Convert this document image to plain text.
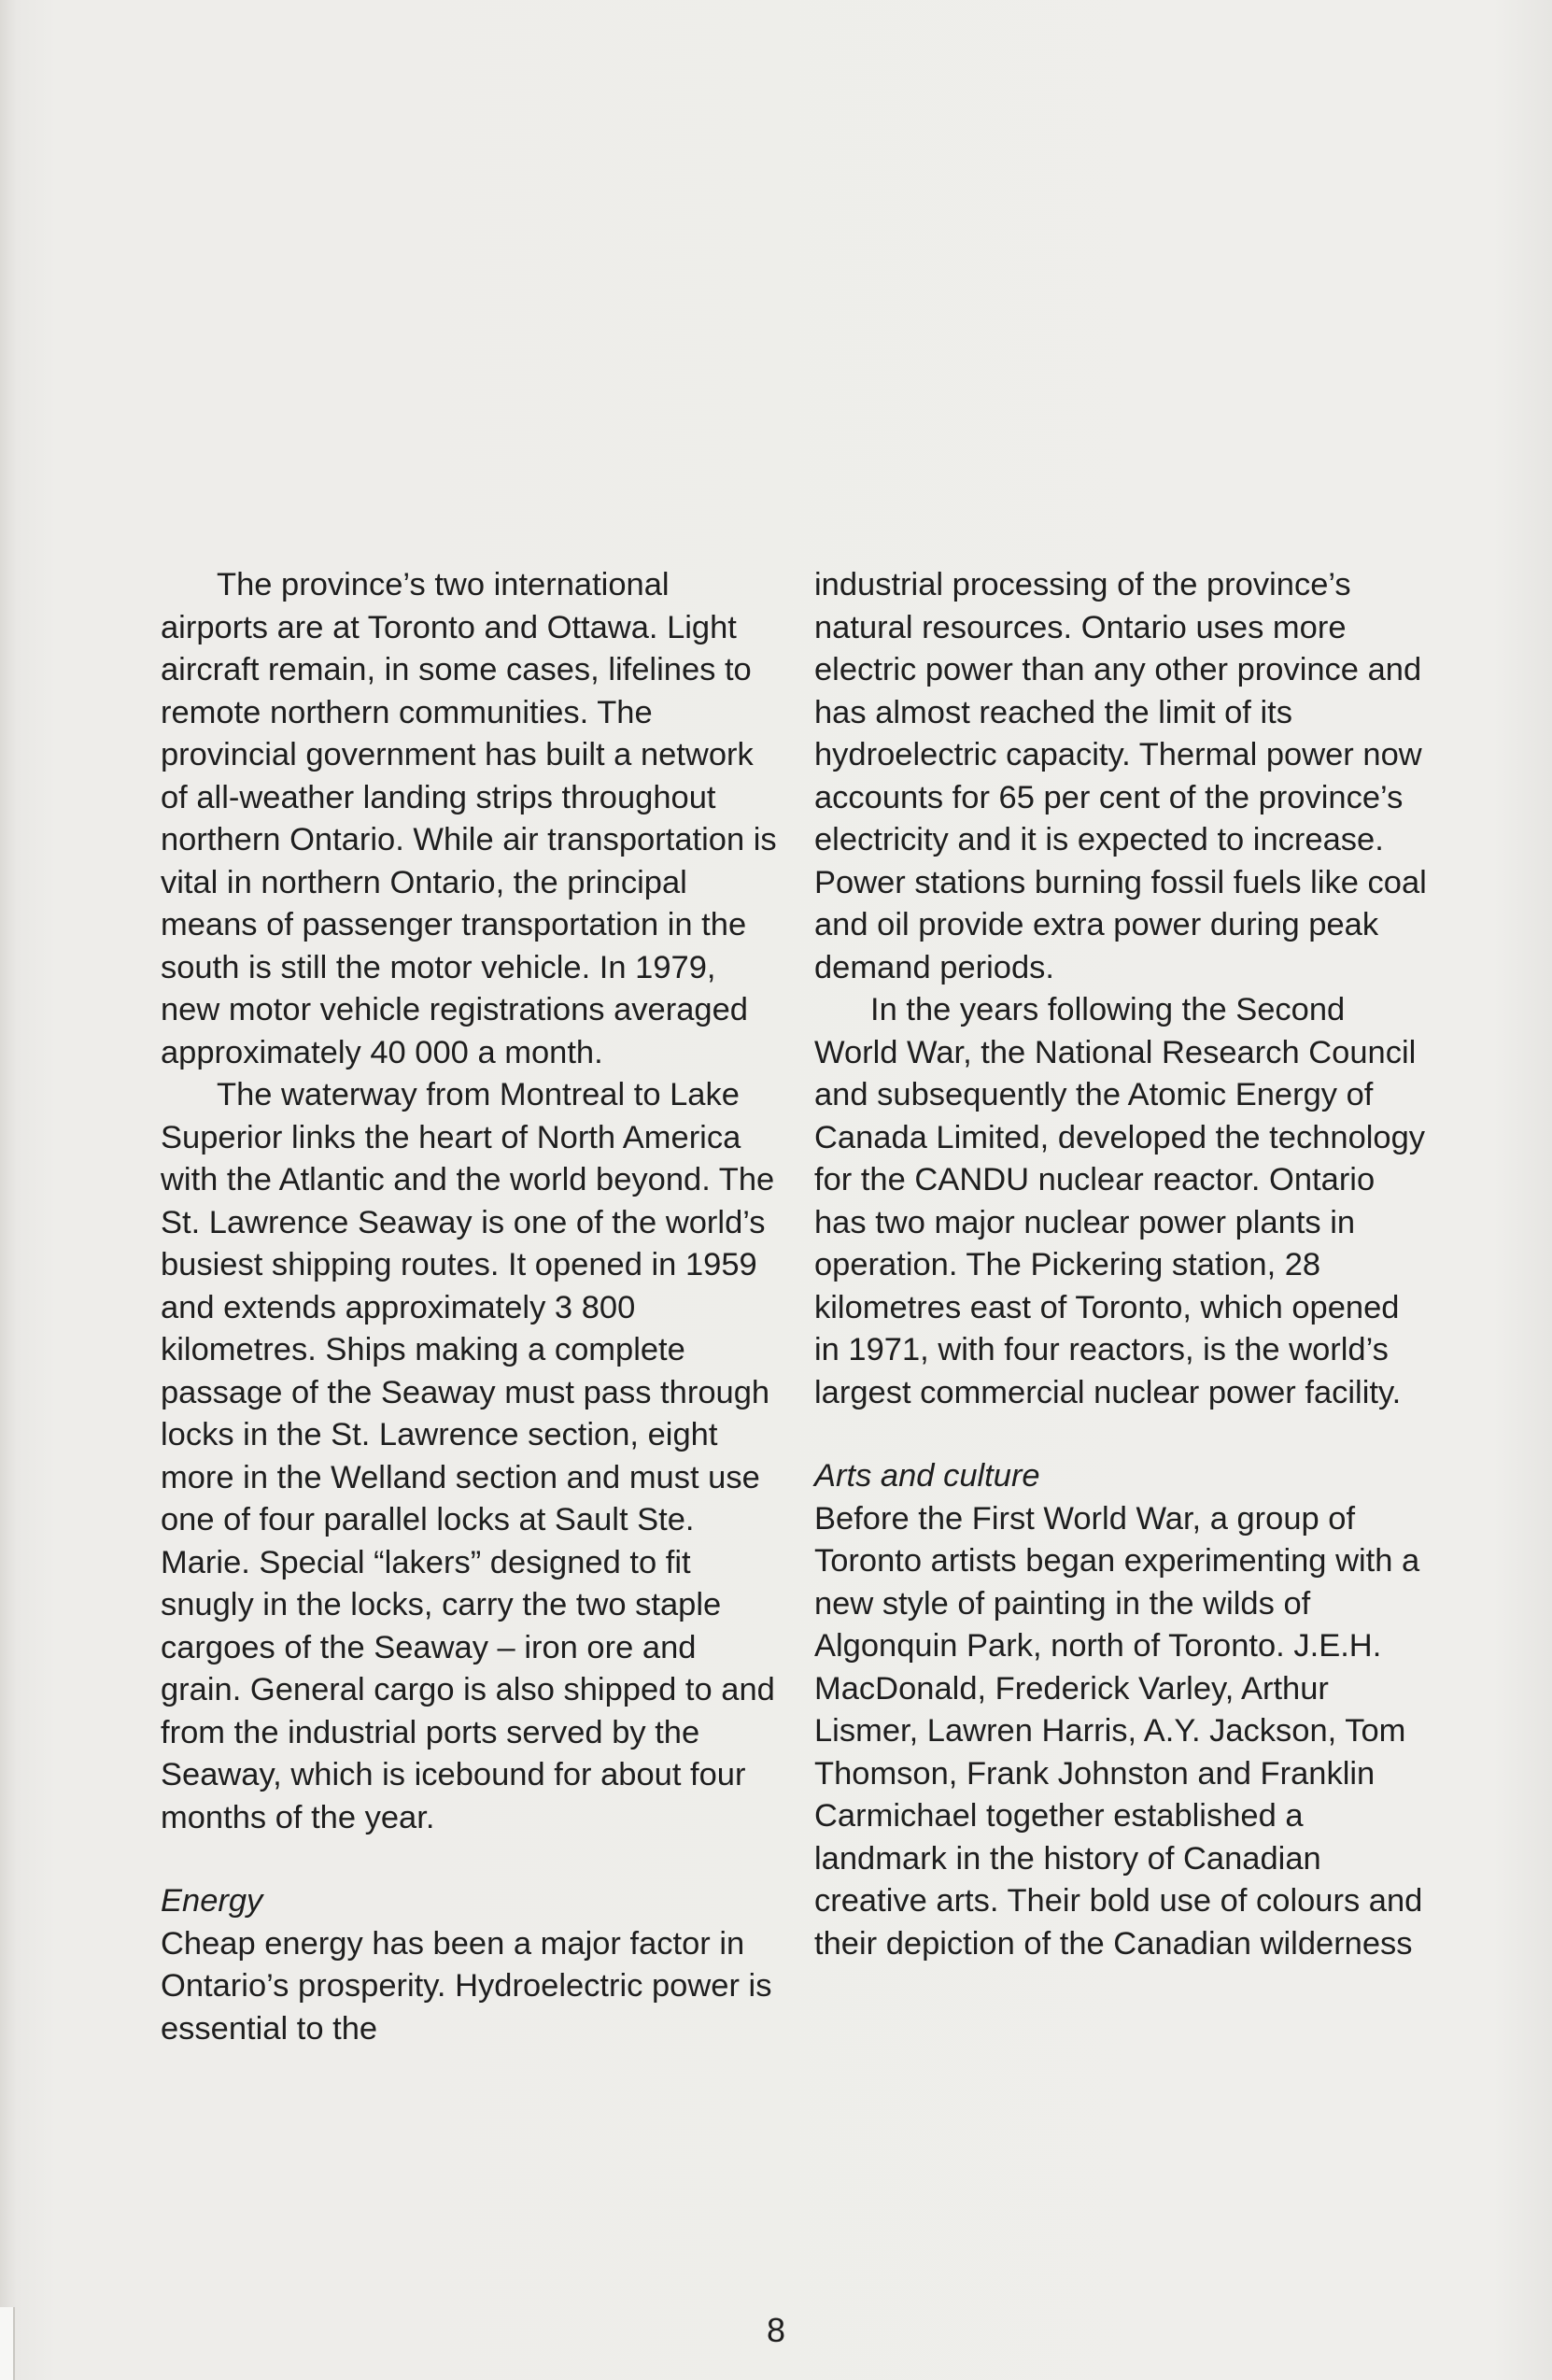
The province’s two international airports are at Toronto and Ottawa. Light aircraft remain, in some cases, lifelines to remote northern communities. The provincial government has built a network of all-weather landing strips throughout northern Ontario. While air transportation is vital in northern Ontario, the principal means of passenger transportation in the south is still the motor vehicle. In 1979, new motor vehicle registrations averaged approximately 40 000 a month.

The waterway from Montreal to Lake Superior links the heart of North America with the Atlantic and the world beyond. The St. Lawrence Seaway is one of the world’s busiest shipping routes. It opened in 1959 and extends approximately 3 800 kilometres. Ships making a complete passage of the Seaway must pass through locks in the St. Lawrence section, eight more in the Welland section and must use one of four parallel locks at Sault Ste. Marie. Special “lakers” designed to fit snugly in the locks, carry the two staple cargoes of the Seaway – iron ore and grain. General cargo is also shipped to and from the industrial ports served by the Seaway, which is icebound for about four months of the year.

Energy

Cheap energy has been a major factor in Ontario’s prosperity. Hydroelectric power is essential to the

industrial processing of the province’s natural resources. Ontario uses more electric power than any other province and has almost reached the limit of its hydroelectric capacity. Thermal power now accounts for 65 per cent of the province’s electricity and it is expected to increase. Power stations burning fossil fuels like coal and oil provide extra power during peak demand periods.

In the years following the Second World War, the National Research Council and subsequently the Atomic Energy of Canada Limited, developed the technology for the CANDU nuclear reactor. Ontario has two major nuclear power plants in operation. The Pickering station, 28 kilometres east of Toronto, which opened in 1971, with four reactors, is the world’s largest commercial nuclear power facility.

Arts and culture

Before the First World War, a group of Toronto artists began experimenting with a new style of painting in the wilds of Algonquin Park, north of Toronto. J.E.H. MacDonald, Frederick Varley, Arthur Lismer, Lawren Harris, A.Y. Jackson, Tom Thomson, Frank Johnston and Franklin Carmichael together established a landmark in the history of Canadian creative arts. Their bold use of colours and their depiction of the Canadian wilderness

8
